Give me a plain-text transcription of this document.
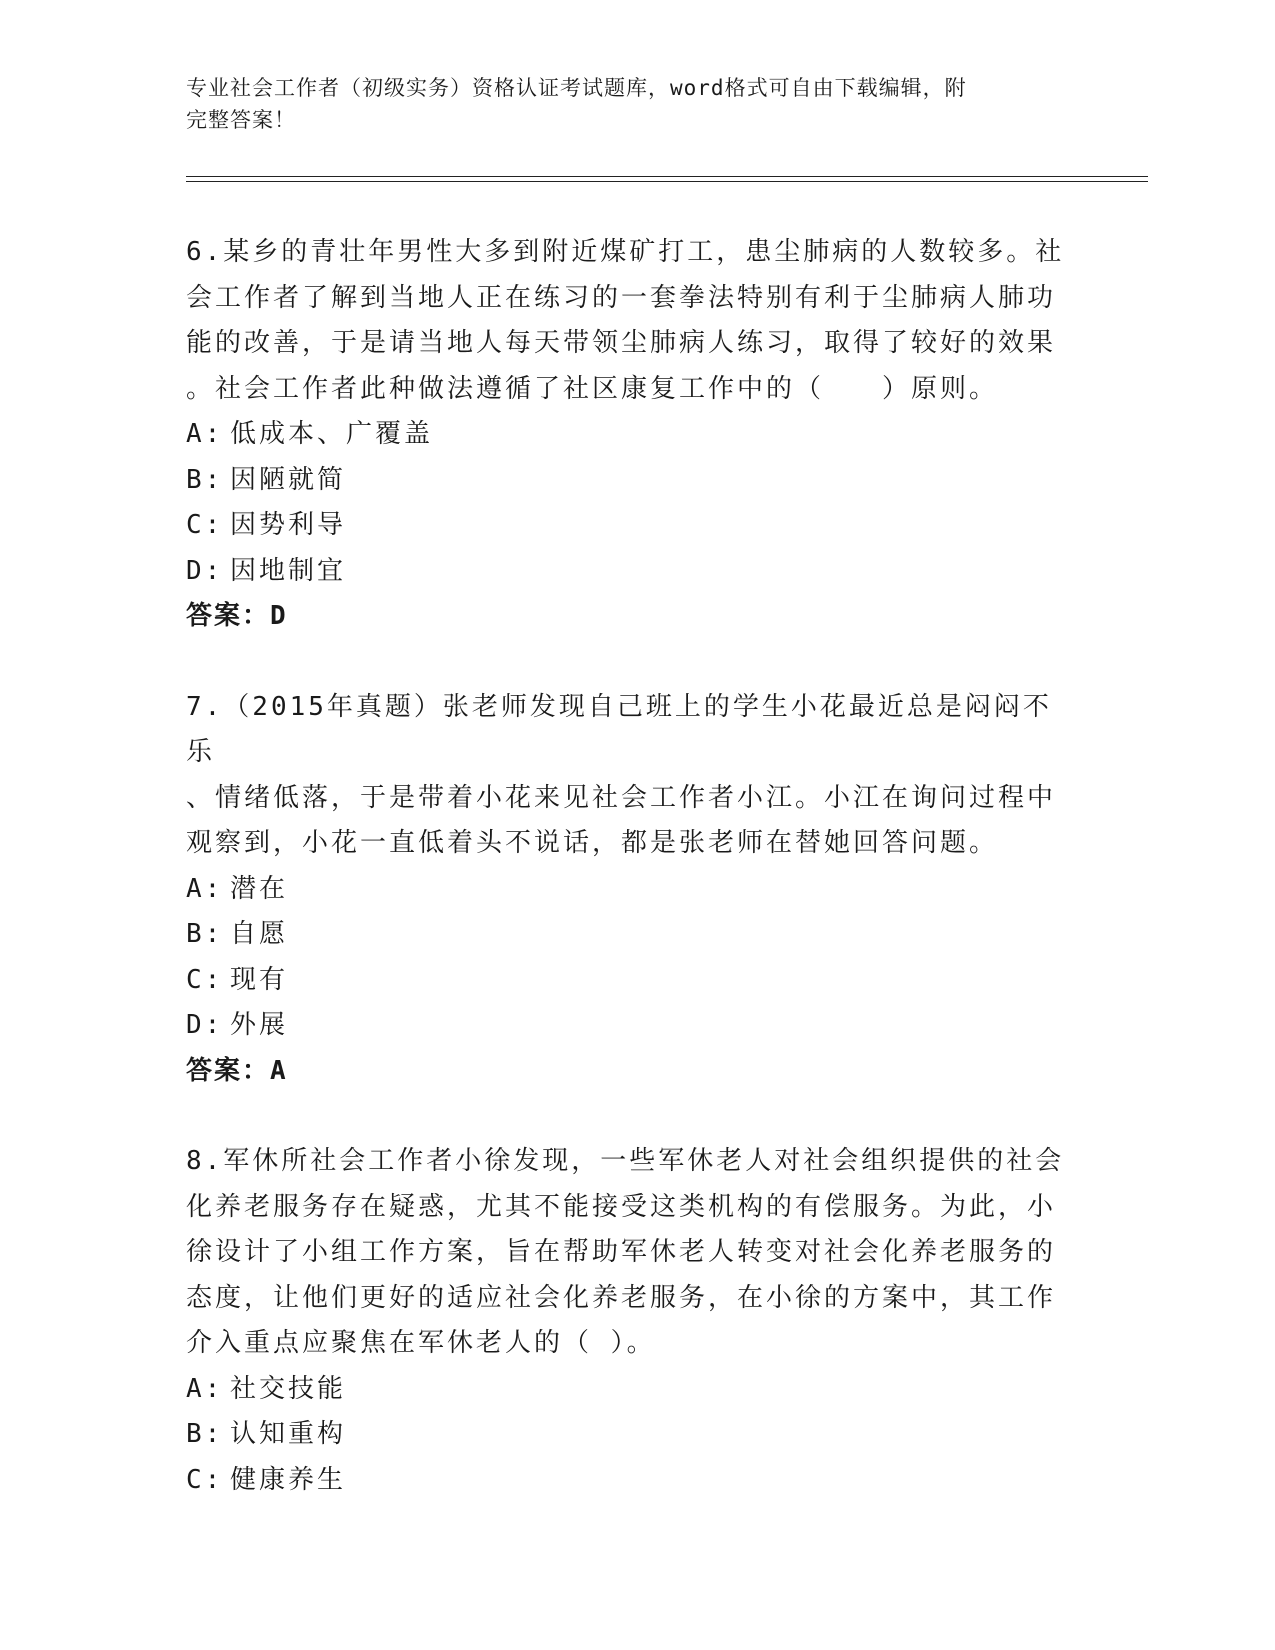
专业社会工作者（初级实务）资格认证考试题库，word格式可自由下载编辑，附
完整答案！

6.某乡的青壮年男性大多到附近煤矿打工，患尘肺病的人数较多。社
会工作者了解到当地人正在练习的一套拳法特别有利于尘肺病人肺功
能的改善，于是请当地人每天带领尘肺病人练习，取得了较好的效果
。社会工作者此种做法遵循了社区康复工作中的（　　）原则。

A: 低成本、广覆盖
B: 因陋就简
C: 因势利导
D: 因地制宜

答案：D

7.（2015年真题）张老师发现自己班上的学生小花最近总是闷闷不乐
、情绪低落，于是带着小花来见社会工作者小江。小江在询问过程中
观察到，小花一直低着头不说话，都是张老师在替她回答问题。

A: 潜在
B: 自愿
C: 现有
D: 外展

答案：A

8.军休所社会工作者小徐发现，一些军休老人对社会组织提供的社会
化养老服务存在疑惑，尤其不能接受这类机构的有偿服务。为此，小
徐设计了小组工作方案，旨在帮助军休老人转变对社会化养老服务的
态度，让他们更好的适应社会化养老服务，在小徐的方案中，其工作
介入重点应聚焦在军休老人的（ ）。

A: 社交技能
B: 认知重构
C: 健康养生
